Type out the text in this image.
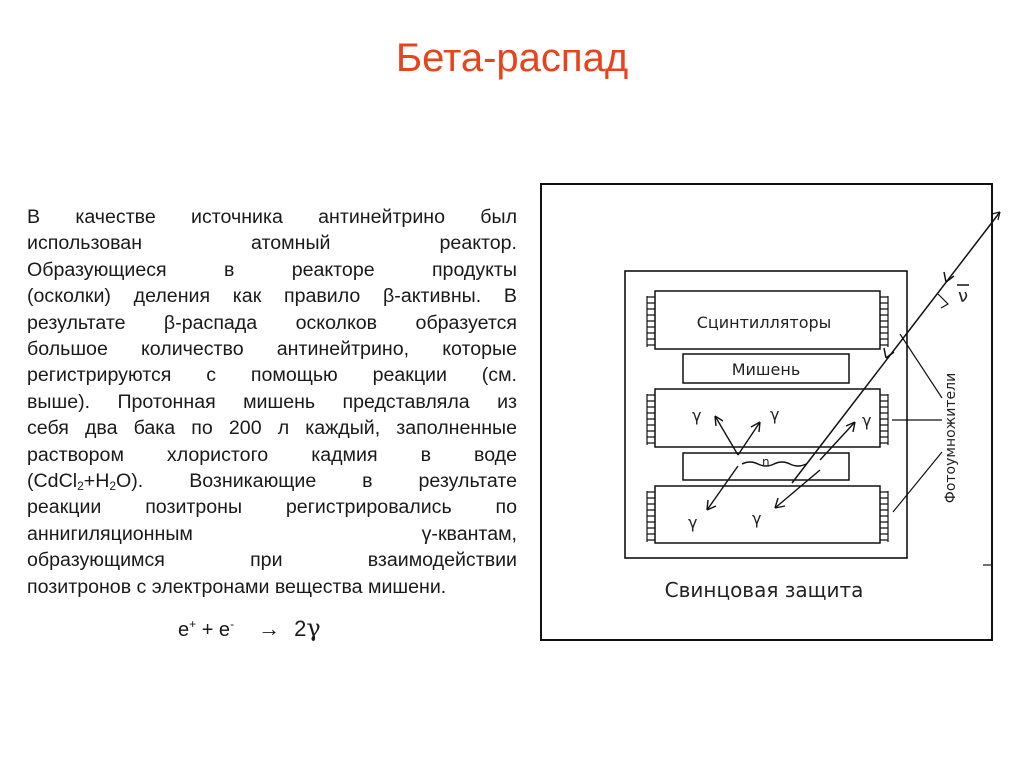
Бета-распад
В качестве источника антинейтрино был
использован атомный реактор.
Образующиеся в реакторе продукты
(осколки) деления как правило β-активны. В
результате β-распада осколков образуется
большое количество антинейтрино, которые
регистрируются с помощью реакции (см.
выше). Протонная мишень представляла из
себя два бака по 200 л каждый, заполненные
раствором хлористого кадмия в воде
$(CdCl_2+H_2O)$. Возникающие в результате
реакции позитроны регистрировались по
аннигиляционным γ-квантам,
образующимся при взаимодействии
позитронов с электронами вещества мишени.
e+ + e- → 2γ
Сцинтилляторы
Мишень
Свинцовая защита
Фотоумножители
ν
n
γ	γ	γ
γ	γ
